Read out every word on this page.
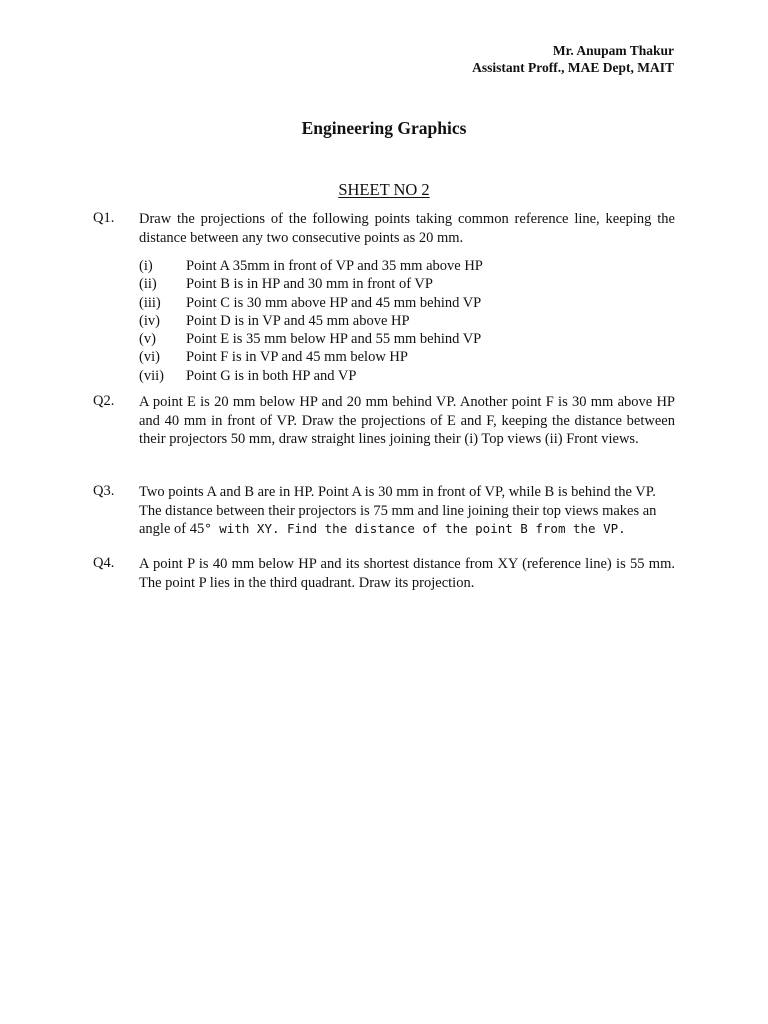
Mr. Anupam Thakur
Assistant Proff., MAE Dept, MAIT
Engineering Graphics
SHEET NO 2
Q1. Draw the projections of the following points taking common reference line, keeping the distance between any two consecutive points as 20 mm.
(i) Point A 35mm in front of VP and 35 mm above HP
(ii) Point B is in HP and 30 mm in front of VP
(iii) Point C is 30 mm above HP and 45 mm behind VP
(iv) Point D is in VP and 45 mm above HP
(v) Point E is 35 mm below HP and 55 mm behind VP
(vi) Point F is in VP and 45 mm below HP
(vii) Point G is in both HP and VP
Q2. A point E is 20 mm below HP and 20 mm behind VP. Another point F is 30 mm above HP and 40 mm in front of VP. Draw the projections of E and F, keeping the distance between their projectors 50 mm, draw straight lines joining their (i) Top views (ii) Front views.
Q3. Two points A and B are in HP. Point A is 30 mm in front of VP, while B is behind the VP. The distance between their projectors is 75 mm and line joining their top views makes an angle of 45° with XY. Find the distance of the point B from the VP.
Q4. A point P is 40 mm below HP and its shortest distance from XY (reference line) is 55 mm. The point P lies in the third quadrant. Draw its projection.
